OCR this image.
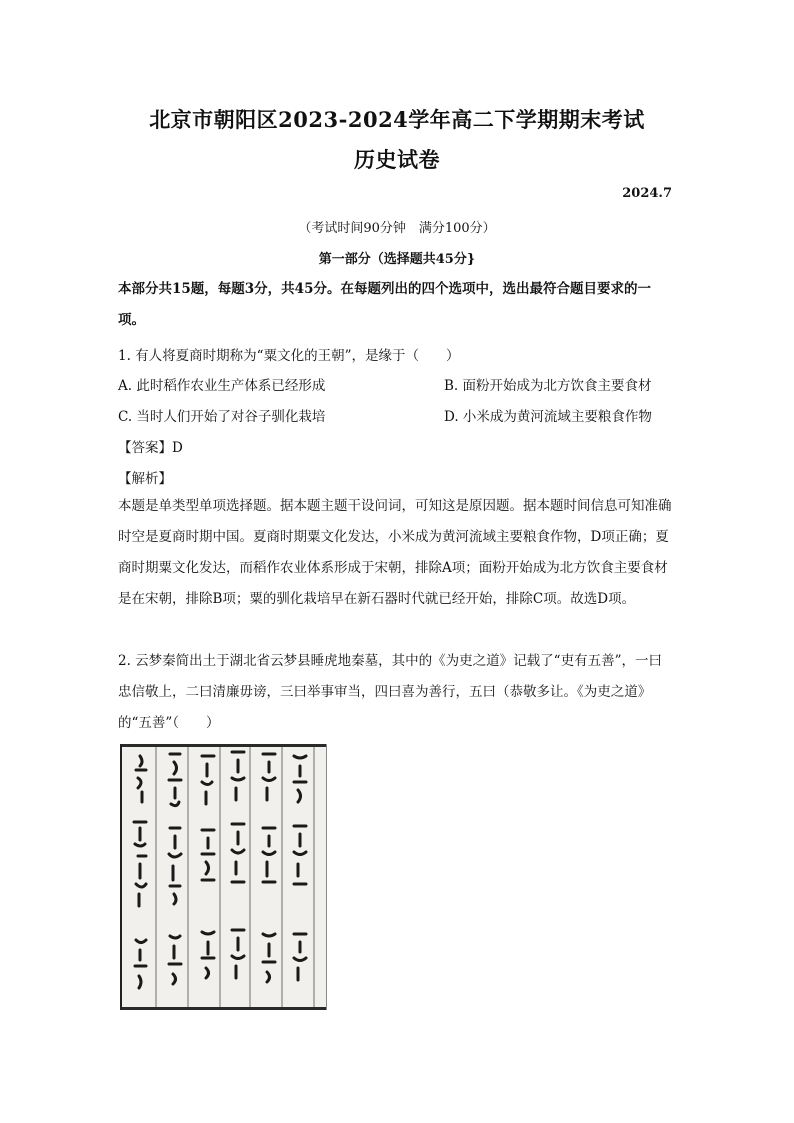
北京市朝阳区2023-2024学年高二下学期期末考试
历史试卷
2024.7
（考试时间90分钟　满分100分）
第一部分（选择题共45分}
本部分共15题，每题3分，共45分。在每题列出的四个选项中，选出最符合题目要求的一项。
1. 有人将夏商时期称为“粟文化的王朝”，是缘于（　　）
A. 此时稻作农业生产体系已经形成	B. 面粉开始成为北方饮食主要食材
C. 当时人们开始了对谷子驯化栽培	D. 小米成为黄河流域主要粮食作物
【答案】D
【解析】
本题是单类型单项选择题。据本题主题干设问词，可知这是原因题。据本题时间信息可知准确时空是夏商时期中国。夏商时期粟文化发达，小米成为黄河流域主要粮食作物，D项正确；夏商时期粟文化发达，而稻作农业体系形成于宋朝，排除A项；面粉开始成为北方饮食主要食材是在宋朝，排除B项；粟的驯化栽培早在新石器时代就已经开始，排除C项。故选D项。
2. 云梦秦简出土于湖北省云梦县睡虎地秦墓，其中的《为吏之道》记载了“吏有五善”，一曰忠信敬上，二曰清廉毋谤，三曰举事审当，四曰喜为善行，五曰（恭敬多让。《为吏之道》的“五善”（　　）
